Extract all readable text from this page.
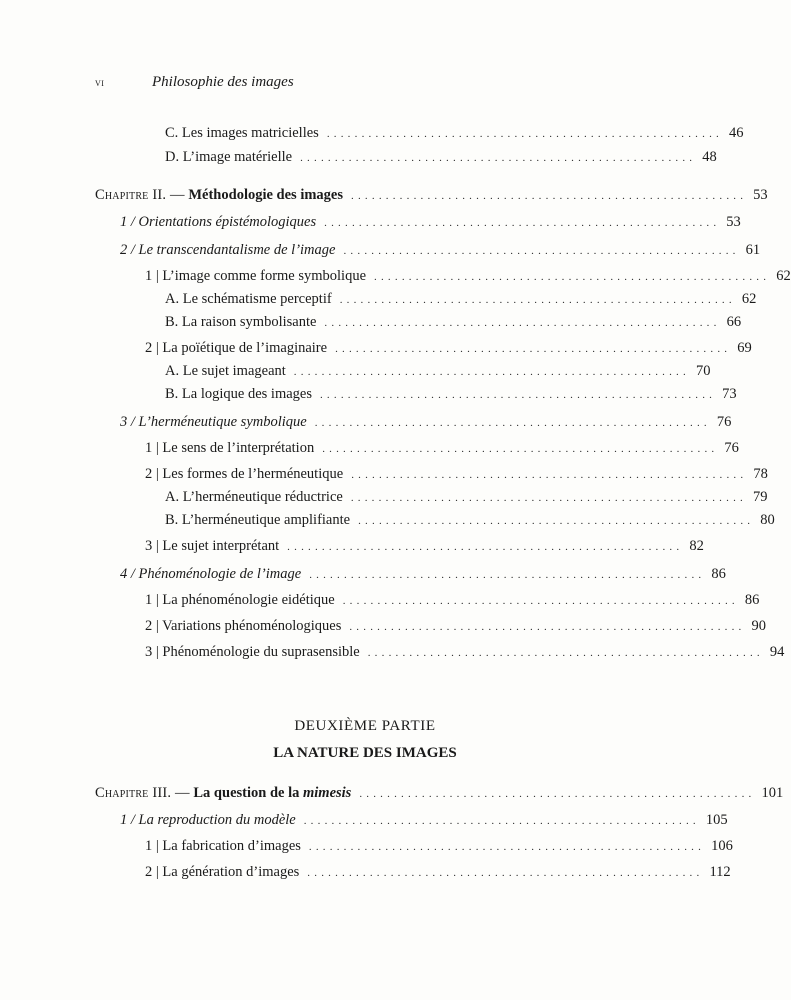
vi	Philosophie des images
C. Les images matricielles ......................................................... 46
D. L’image matérielle ......................................................... 48
Chapitre II. — Méthodologie des images ......................................................... 53
1 / Orientations épistémologiques ......................................................... 53
2 / Le transcendantalisme de l’image ......................................................... 61
1 | L’image comme forme symbolique ......................................................... 62
A. Le schématisme perceptif ......................................................... 62
B. La raison symbolisante ......................................................... 66
2 | La poïétique de l’imaginaire ......................................................... 69
A. Le sujet imageant ......................................................... 70
B. La logique des images ......................................................... 73
3 / L’herméneutique symbolique ......................................................... 76
1 | Le sens de l’interprétation ......................................................... 76
2 | Les formes de l’herméneutique ......................................................... 78
A. L’herméneutique réductrice ......................................................... 79
B. L’herméneutique amplifiante ......................................................... 80
3 | Le sujet interprétant ......................................................... 82
4 / Phénoménologie de l’image ......................................................... 86
1 | La phénoménologie eidétique ......................................................... 86
2 | Variations phénoménologiques ......................................................... 90
3 | Phénoménologie du suprasensible ......................................................... 94
DEUXIÈME PARTIE
LA NATURE DES IMAGES
Chapitre III. — La question de la mimesis ......................................................... 101
1 / La reproduction du modèle ......................................................... 105
1 | La fabrication d’images ......................................................... 106
2 | La génération d’images ......................................................... 112
